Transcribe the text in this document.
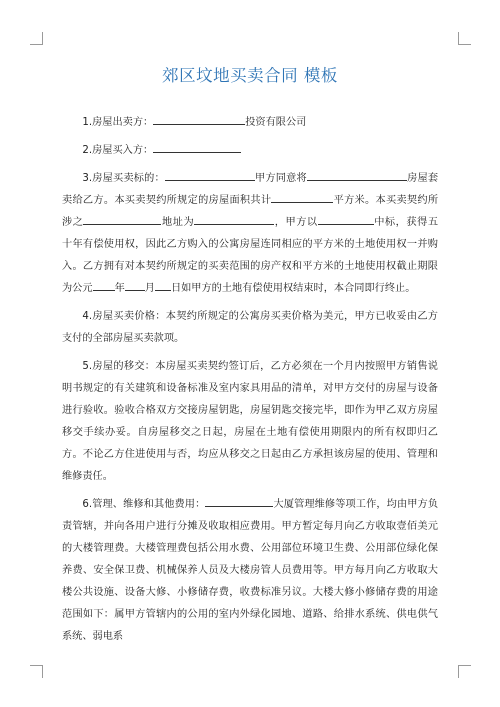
郊区坟地买卖合同 模板

1.房屋出卖方：	投资有限公司

2.房屋买入方：

3.房屋买卖标的：	甲方同意将	房屋套卖给乙方。本买卖契约所规定的房屋面积共计	平方米。本买卖契约所涉之	地址为	，甲方以	中标，获得五十年有偿使用权，因此乙方购入的公寓房屋连同相应的平方米的土地使用权一并购入。乙方拥有对本契约所规定的买卖范围的房产权和平方米的土地使用权截止期限为公元 年 月 日如甲方的土地有偿使用权结束时，本合同即行终止。

4.房屋买卖价格：本契约所规定的公寓房买卖价格为美元，甲方已收妥由乙方支付的全部房屋买卖款项。

5.房屋的移交：本房屋买卖契约签订后，乙方必须在一个月内按照甲方销售说明书规定的有关建筑和设备标准及室内家具用品的清单，对甲方交付的房屋与设备进行验收。验收合格双方交接房屋钥匙，房屋钥匙交接完毕，即作为甲乙双方房屋移交手续办妥。自房屋移交之日起，房屋在土地有偿使用期限内的所有权即归乙方。不论乙方住进使用与否，均应从移交之日起由乙方承担该房屋的使用、管理和维修责任。

6.管理、维修和其他费用：	大厦管理维修等项工作，均由甲方负责管辖，并向各用户进行分摊及收取相应费用。甲方暂定每月向乙方收取壹佰美元的大楼管理费。大楼管理费包括公用水费、公用部位环境卫生费、公用部位绿化保养费、安全保卫费、机械保养人员及大楼房管人员费用等。甲方每月向乙方收取大楼公共设施、设备大修、小修储存费，收费标准另议。大楼大修小修储存费的用途范围如下：属甲方管辖内的公用的室内外绿化园地、道路、给排水系统、供电供气系统、弱电系
